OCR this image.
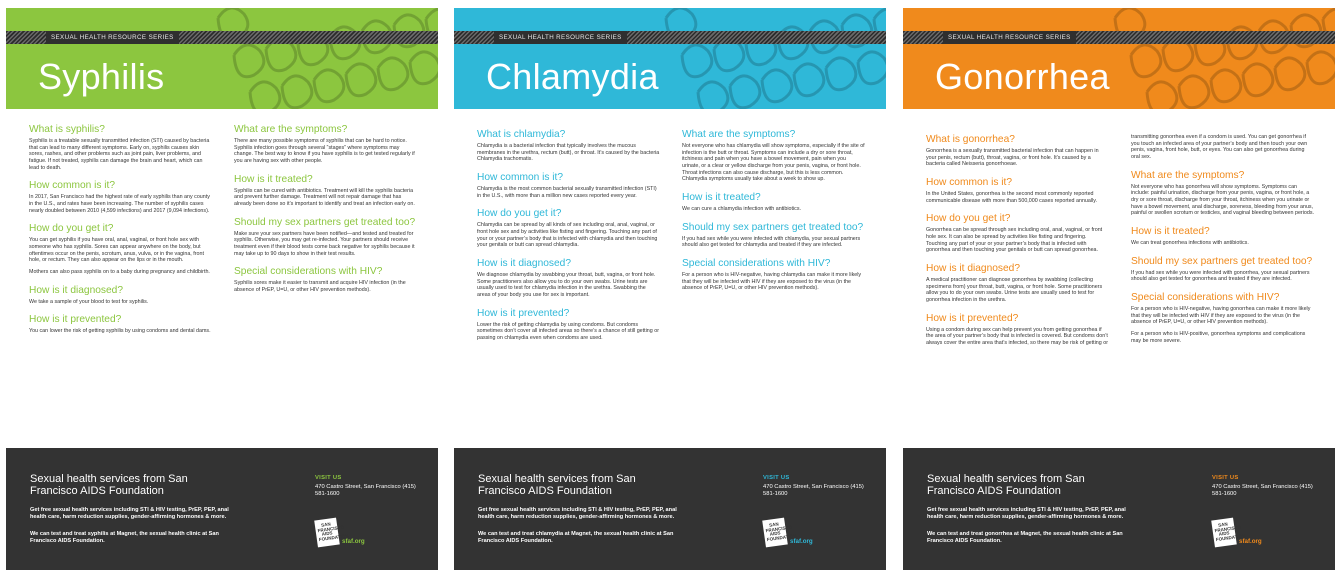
SEXUAL HEALTH RESOURCE SERIES
Syphilis
What is syphilis?

Syphilis is a treatable sexually transmitted infection (STI) caused by bacteria that can lead to many different symptoms. Early on, syphilis causes skin sores, rashes, and other problems such as joint pain, liver problems, and fatigue. If not treated, syphilis can damage the brain and heart, which can lead to death.

How common is it?

In 2017, San Francisco had the highest rate of early syphilis than any county in the U.S., and rates have been increasing. The number of syphilis cases nearly doubled between 2010 (4,599 infections) and 2017 (9,094 infections).

How do you get it?

You can get syphilis if you have oral, anal, vaginal, or front hole sex with someone who has syphilis. Sores can appear anywhere on the body, but oftentimes occur on the penis, scrotum, anus, vulva, or in the vagina, front hole, or rectum. They can also appear on the lips or in the mouth.

Mothers can also pass syphilis on to a baby during pregnancy and childbirth.

How is it diagnosed?

We take a sample of your blood to test for syphilis.

How is it prevented?

You can lower the risk of getting syphilis by using condoms and dental dams.

What are the symptoms?

There are many possible symptoms of syphilis that can be hard to notice. Syphilis infection goes through several “stages” where symptoms may change. The best way to know if you have syphilis is to get tested regularly if you are having sex with other people.

How is it treated?

Syphilis can be cured with antibiotics. Treatment will kill the syphilis bacteria and prevent further damage. Treatment will not repair damage that has already been done so it’s important to identify and treat an infection early on.

Should my sex partners get treated too?

Make sure your sex partners have been notified—and tested and treated for syphilis. Otherwise, you may get re-infected. Your partners should receive treatment even if their blood tests come back negative for syphilis because it may take up to 90 days to show in their test results.

Special considerations with HIV?

Syphilis sores make it easier to transmit and acquire HIV infection (in the absence of PrEP, U=U, or other HIV prevention methods).

Sexual health services from San Francisco AIDS Foundation
Get free sexual health services including STI & HIV testing, PrEP, PEP, anal health care, harm reduction supplies, gender-affirming hormones & more.
We can test and treat syphilis at Magnet, the sexual health clinic at San Francisco AIDS Foundation.
VISIT US
470 Castro Street, San Francisco (415) 581-1600
SAN FRANCISCO AIDS FOUNDATION
sfaf.org
SEXUAL HEALTH RESOURCE SERIES
Chlamydia
What is chlamydia?

Chlamydia is a bacterial infection that typically involves the mucous membranes in the urethra, rectum (butt), or throat. It’s caused by the bacteria Chlamydia trachomatis.

How common is it?

Chlamydia is the most common bacterial sexually transmitted infection (STI) in the U.S., with more than a million new cases reported every year.

How do you get it?

Chlamydia can be spread by all kinds of sex including oral, anal, vaginal, or front hole sex and by activities like fisting and fingering. Touching any part of your or your partner’s body that is infected with chlamydia and then touching your genitals or butt can spread chlamydia.

How is it diagnosed?

We diagnose chlamydia by swabbing your throat, butt, vagina, or front hole. Some practitioners also allow you to do your own swabs. Urine tests are usually used to test for chlamydia infection in the urethra. Swabbing the areas of your body you use for sex is important.

How is it prevented?

Lower the risk of getting chlamydia by using condoms. But condoms sometimes don’t cover all infected areas so there’s a chance of still getting or passing on chlamydia even when condoms are used.

What are the symptoms?

Not everyone who has chlamydia will show symptoms, especially if the site of infection is the butt or throat. Symptoms can include a dry or sore throat, itchiness and pain when you have a bowel movement, pain when you urinate, or a clear or yellow discharge from your penis, vagina, or front hole. Throat infections can also cause discharge, but this is less common. Chlamydia symptoms usually take about a week to show up.

How is it treated?

We can cure a chlamydia infection with antibiotics.

Should my sex partners get treated too?

If you had sex while you were infected with chlamydia, your sexual partners should also get tested for chlamydia and treated if they are infected.

Special considerations with HIV?

For a person who is HIV-negative, having chlamydia can make it more likely that they will be infected with HIV if they are exposed to the virus (in the absence of PrEP, U=U, or other HIV prevention methods).

Sexual health services from San Francisco AIDS Foundation
Get free sexual health services including STI & HIV testing, PrEP, PEP, anal health care, harm reduction supplies, gender-affirming hormones & more.
We can test and treat chlamydia at Magnet, the sexual health clinic at San Francisco AIDS Foundation.
VISIT US
470 Castro Street, San Francisco (415) 581-1600
SAN FRANCISCO AIDS FOUNDATION
sfaf.org
SEXUAL HEALTH RESOURCE SERIES
Gonorrhea
What is gonorrhea?

Gonorrhea is a sexually transmitted bacterial infection that can happen in your penis, rectum (butt), throat, vagina, or front hole. It’s caused by a bacteria called Neisseria gonorrhoeae.

How common is it?

In the United States, gonorrhea is the second most commonly reported communicable disease with more than 500,000 cases reported annually.

How do you get it?

Gonorrhea can be spread through sex including oral, anal, vaginal, or front hole sex. It can also be spread by activities like fisting and fingering. Touching any part of your or your partner’s body that is infected with gonorrhea and then touching your genitals or butt can spread gonorrhea.

How is it diagnosed?

A medical practitioner can diagnose gonorrhea by swabbing (collecting specimens from) your throat, butt, vagina, or front hole. Some practitioners allow you to do your own swabs. Urine tests are usually used to test for gonorrhea infection in the urethra.

How is it prevented?

Using a condom during sex can help prevent you from getting gonorrhea if the area of your partner’s body that is infected is covered. But condoms don’t always cover the entire area that’s infected, so there may be risk of getting or

transmitting gonorrhea even if a condom is used. You can get gonorrhea if you touch an infected area of your partner’s body and then touch your own penis, vagina, front hole, butt, or eyes. You can also get gonorrhea during oral sex.

What are the symptoms?

Not everyone who has gonorrhea will show symptoms. Symptoms can include: painful urination, discharge from your penis, vagina, or front hole, a dry or sore throat, discharge from your throat, itchiness when you urinate or have a bowel movement, anal discharge, soreness, bleeding from your anus, painful or swollen scrotum or testicles, and vaginal bleeding between periods.

How is it treated?

We can treat gonorrhea infections with antibiotics.

Should my sex partners get treated too?

If you had sex while you were infected with gonorrhea, your sexual partners should also get tested for gonorrhea and treated if they are infected.

Special considerations with HIV?

For a person who is HIV-negative, having gonorrhea can make it more likely that they will be infected with HIV if they are exposed to the virus (in the absence of PrEP, U=U, or other HIV prevention methods).

For a person who is HIV-positive, gonorrhea symptoms and complications may be more severe.

Sexual health services from San Francisco AIDS Foundation
Get free sexual health services including STI & HIV testing, PrEP, PEP, anal health care, harm reduction supplies, gender-affirming hormones & more.
We can test and treat gonorrhea at Magnet, the sexual health clinic at San Francisco AIDS Foundation.
VISIT US
470 Castro Street, San Francisco (415) 581-1600
SAN FRANCISCO AIDS FOUNDATION
sfaf.org
